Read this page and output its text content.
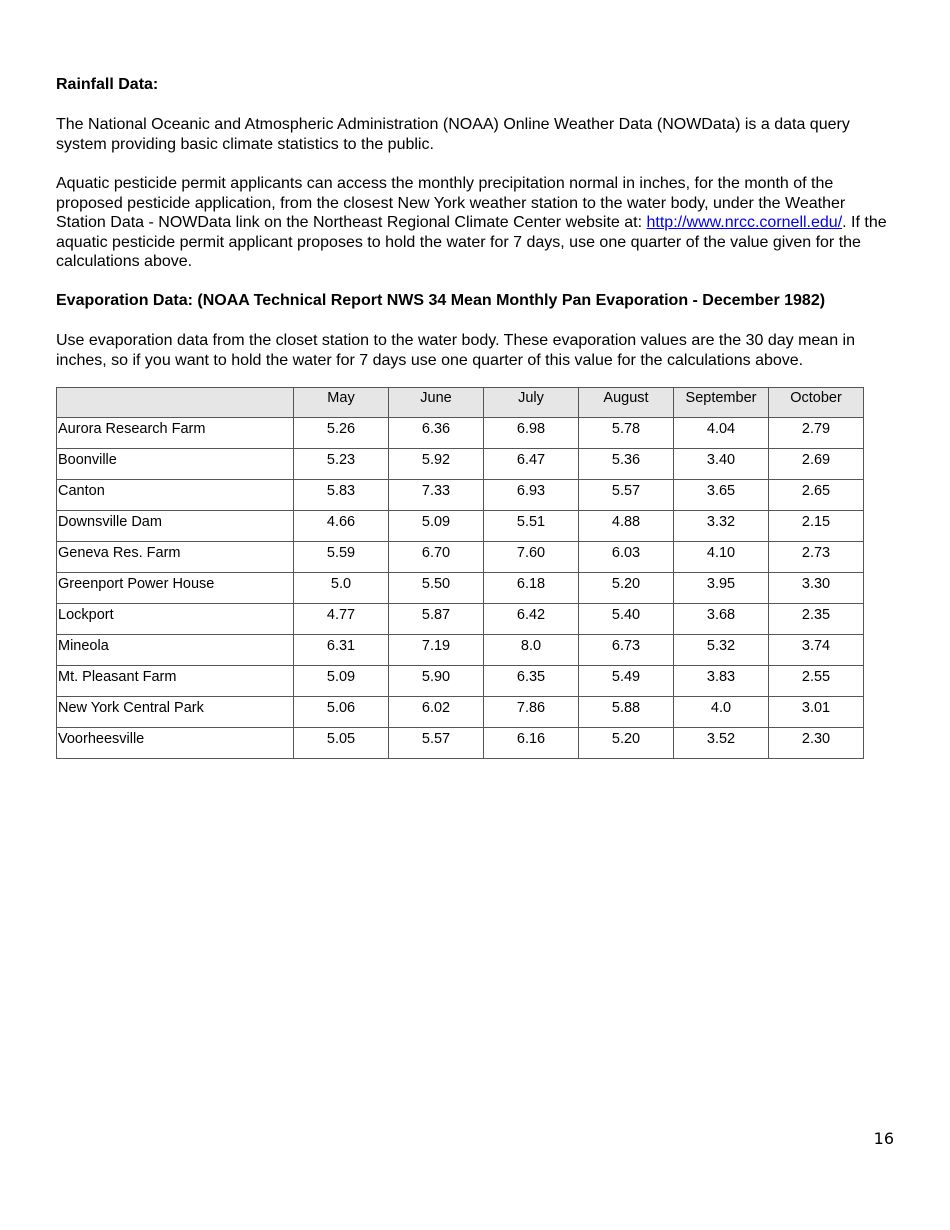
Rainfall Data:
The National Oceanic and Atmospheric Administration (NOAA) Online Weather Data (NOWData) is a data query system providing basic climate statistics to the public.
Aquatic pesticide permit applicants can access the monthly precipitation normal in inches, for the month of the proposed pesticide application, from the closest New York weather station to the water body, under the Weather Station Data - NOWData link on the Northeast Regional Climate Center website at: http://www.nrcc.cornell.edu/. If the aquatic pesticide permit applicant proposes to hold the water for 7 days, use one quarter of the value given for the calculations above.
Evaporation Data: (NOAA Technical Report NWS 34 Mean Monthly Pan Evaporation - December 1982)
Use evaporation data from the closet station to the water body. These evaporation values are the 30 day mean in inches, so if you want to hold the water for 7 days use one quarter of this value for the calculations above.
	May	June	July	August	September	October
Aurora Research Farm	5.26	6.36	6.98	5.78	4.04	2.79
Boonville	5.23	5.92	6.47	5.36	3.40	2.69
Canton	5.83	7.33	6.93	5.57	3.65	2.65
Downsville Dam	4.66	5.09	5.51	4.88	3.32	2.15
Geneva Res. Farm	5.59	6.70	7.60	6.03	4.10	2.73
Greenport Power House	5.0	5.50	6.18	5.20	3.95	3.30
Lockport	4.77	5.87	6.42	5.40	3.68	2.35
Mineola	6.31	7.19	8.0	6.73	5.32	3.74
Mt. Pleasant Farm	5.09	5.90	6.35	5.49	3.83	2.55
New York Central Park	5.06	6.02	7.86	5.88	4.0	3.01
Voorheesville	5.05	5.57	6.16	5.20	3.52	2.30
16
